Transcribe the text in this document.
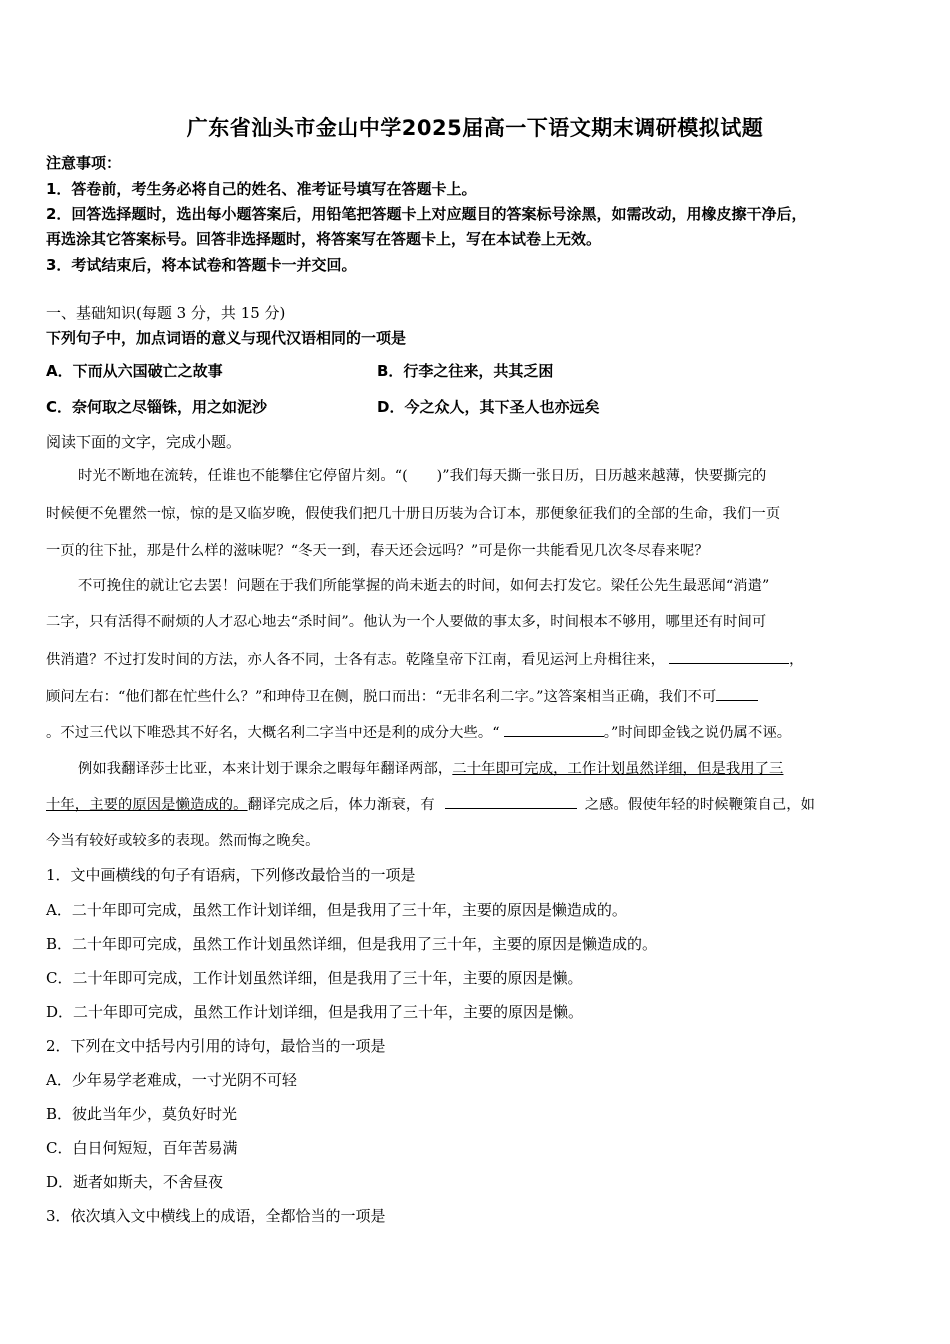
广东省汕头市金山中学2025届高一下语文期末调研模拟试题
注意事项：
1．答卷前，考生务必将自己的姓名、准考证号填写在答题卡上。
2．回答选择题时，选出每小题答案后，用铅笔把答题卡上对应题目的答案标号涂黑，如需改动，用橡皮擦干净后，
再选涂其它答案标号。回答非选择题时，将答案写在答题卡上，写在本试卷上无效。
3．考试结束后，将本试卷和答题卡一并交回。
一、基础知识(每题 3 分，共 15 分)
下列句子中，加点词语的意义与现代汉语相同的一项是
A．下而从六国破亡之故事	B．行李之往来，共其乏困
C．奈何取之尽锱铢，用之如泥沙	D．今之众人，其下圣人也亦远矣
阅读下面的文字，完成小题。
时光不断地在流转，任谁也不能攀住它停留片刻。“(　　)”我们每天撕一张日历，日历越来越薄，快要撕完的
时候便不免瞿然一惊，惊的是又临岁晚，假使我们把几十册日历装为合订本，那便象征我们的全部的生命，我们一页
一页的往下扯，那是什么样的滋味呢？“冬天一到，春天还会远吗？”可是你一共能看见几次冬尽春来呢？
不可挽住的就让它去罢！问题在于我们所能掌握的尚未逝去的时间，如何去打发它。梁任公先生最恶闻“消遣”
二字，只有活得不耐烦的人才忍心地去“杀时间”。他认为一个人要做的事太多，时间根本不够用，哪里还有时间可
供消遣？不过打发时间的方法，亦人各不同，士各有志。乾隆皇帝下江南，看见运河上舟楫往来，	，
顾问左右：“他们都在忙些什么？”和珅侍卫在侧，脱口而出：“无非名利二字。”这答案相当正确，我们不可
。不过三代以下唯恐其不好名，大概名利二字当中还是利的成分大些。“	。”时间即金钱之说仍属不诬。
例如我翻译莎士比亚，本来计划于课余之暇每年翻译两部，二十年即可完成，工作计划虽然详细，但是我用了三
十年，主要的原因是懒造成的。翻译完成之后，体力渐衰，有	之感。假使年轻的时候鞭策自己，如
今当有较好或较多的表现。然而悔之晚矣。
1．文中画横线的句子有语病，下列修改最恰当的一项是
A．二十年即可完成，虽然工作计划详细，但是我用了三十年，主要的原因是懒造成的。
B．二十年即可完成，虽然工作计划虽然详细，但是我用了三十年，主要的原因是懒造成的。
C．二十年即可完成，工作计划虽然详细，但是我用了三十年，主要的原因是懒。
D．二十年即可完成，虽然工作计划详细，但是我用了三十年，主要的原因是懒。
2．下列在文中括号内引用的诗句，最恰当的一项是
A．少年易学老难成，一寸光阴不可轻
B．彼此当年少，莫负好时光
C．白日何短短，百年苦易满
D．逝者如斯夫，不舍昼夜
3．依次填入文中横线上的成语，全都恰当的一项是
